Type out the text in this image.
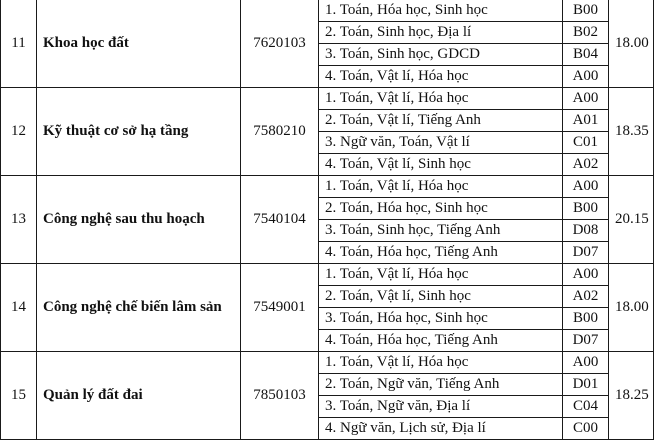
11	Khoa học đất	7620103	1. Toán, Hóa học, Sinh học	B00	18.00
			2. Toán, Sinh học, Địa lí	B02	
			3. Toán, Sinh học, GDCD	B04	
			4. Toán, Vật lí, Hóa học	A00	
12	Kỹ thuật cơ sở hạ tầng	7580210	1. Toán, Vật lí, Hóa học	A00	18.35
			2. Toán, Vật lí, Tiếng Anh	A01	
			3. Ngữ văn, Toán, Vật lí	C01	
			4. Toán, Vật lí, Sinh học	A02	
13	Công nghệ sau thu hoạch	7540104	1. Toán, Vật lí, Hóa học	A00	20.15
			2. Toán, Hóa học, Sinh học	B00	
			3. Toán, Sinh học, Tiếng Anh	D08	
			4. Toán, Hóa học, Tiếng Anh	D07	
14	Công nghệ chế biến lâm sản	7549001	1. Toán, Vật lí, Hóa học	A00	18.00
			2. Toán, Vật lí, Sinh học	A02	
			3. Toán, Hóa học, Sinh học	B00	
			4. Toán, Hóa học, Tiếng Anh	D07	
15	Quản lý đất đai	7850103	1. Toán, Vật lí, Hóa học	A00	18.25
			2. Toán, Ngữ văn, Tiếng Anh	D01	
			3. Toán, Ngữ văn, Địa lí	C04	
			4. Ngữ văn, Lịch sử, Địa lí	C00	
